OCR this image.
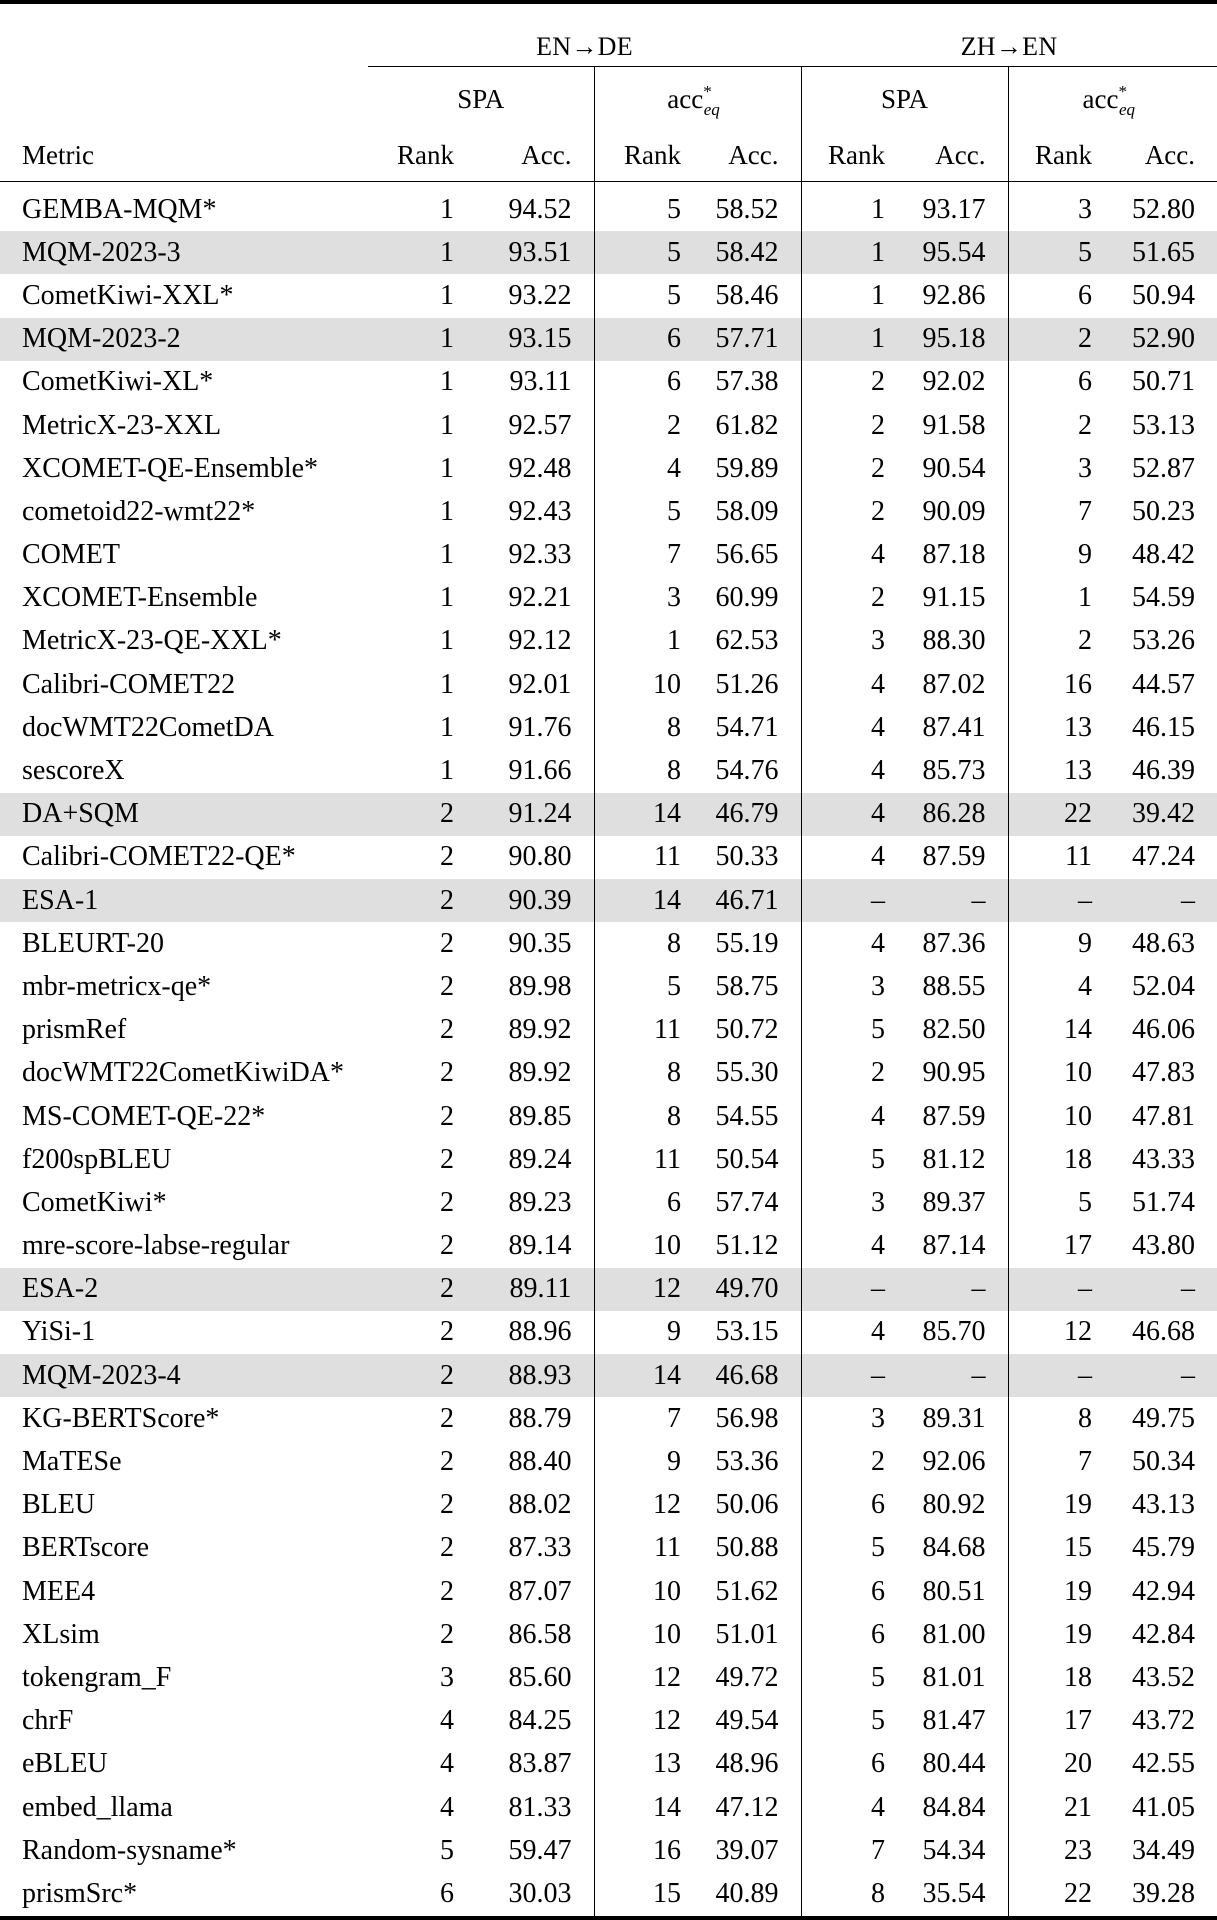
	EN→DE				ZH→EN			
	SPA		acc*$_{eq}$		SPA		acc*$_{eq}$
Metric	Rank	Acc.	Rank	Acc.	Rank	Acc.	Rank	Acc.
GEMBA-MQM*	1	94.52	5	58.52	1	93.17	3	52.80
MQM-2023-3	1	93.51	5	58.42	1	95.54	5	51.65
CometKiwi-XXL*	1	93.22	5	58.46	1	92.86	6	50.94
MQM-2023-2	1	93.15	6	57.71	1	95.18	2	52.90
CometKiwi-XL*	1	93.11	6	57.38	2	92.02	6	50.71
MetricX-23-XXL	1	92.57	2	61.82	2	91.58	2	53.13
XCOMET-QE-Ensemble*	1	92.48	4	59.89	2	90.54	3	52.87
cometoid22-wmt22*	1	92.43	5	58.09	2	90.09	7	50.23
COMET	1	92.33	7	56.65	4	87.18	9	48.42
XCOMET-Ensemble	1	92.21	3	60.99	2	91.15	1	54.59
MetricX-23-QE-XXL*	1	92.12	1	62.53	3	88.30	2	53.26
Calibri-COMET22	1	92.01	10	51.26	4	87.02	16	44.57
docWMT22CometDA	1	91.76	8	54.71	4	87.41	13	46.15
sescoreX	1	91.66	8	54.76	4	85.73	13	46.39
DA+SQM	2	91.24	14	46.79	4	86.28	22	39.42
Calibri-COMET22-QE*	2	90.80	11	50.33	4	87.59	11	47.24
ESA-1	2	90.39	14	46.71	–	–	–	–
BLEURT-20	2	90.35	8	55.19	4	87.36	9	48.63
mbr-metricx-qe*	2	89.98	5	58.75	3	88.55	4	52.04
prismRef	2	89.92	11	50.72	5	82.50	14	46.06
docWMT22CometKiwiDA*	2	89.92	8	55.30	2	90.95	10	47.83
MS-COMET-QE-22*	2	89.85	8	54.55	4	87.59	10	47.81
f200spBLEU	2	89.24	11	50.54	5	81.12	18	43.33
CometKiwi*	2	89.23	6	57.74	3	89.37	5	51.74
mre-score-labse-regular	2	89.14	10	51.12	4	87.14	17	43.80
ESA-2	2	89.11	12	49.70	–	–	–	–
YiSi-1	2	88.96	9	53.15	4	85.70	12	46.68
MQM-2023-4	2	88.93	14	46.68	–	–	–	–
KG-BERTScore*	2	88.79	7	56.98	3	89.31	8	49.75
MaTESe	2	88.40	9	53.36	2	92.06	7	50.34
BLEU	2	88.02	12	50.06	6	80.92	19	43.13
BERTscore	2	87.33	11	50.88	5	84.68	15	45.79
MEE4	2	87.07	10	51.62	6	80.51	19	42.94
XLsim	2	86.58	10	51.01	6	81.00	19	42.84
tokengram_F	3	85.60	12	49.72	5	81.01	18	43.52
chrF	4	84.25	12	49.54	5	81.47	17	43.72
eBLEU	4	83.87	13	48.96	6	80.44	20	42.55
embed_llama	4	81.33	14	47.12	4	84.84	21	41.05
Random-sysname*	5	59.47	16	39.07	7	54.34	23	34.49
prismSrc*	6	30.03	15	40.89	8	35.54	22	39.28
